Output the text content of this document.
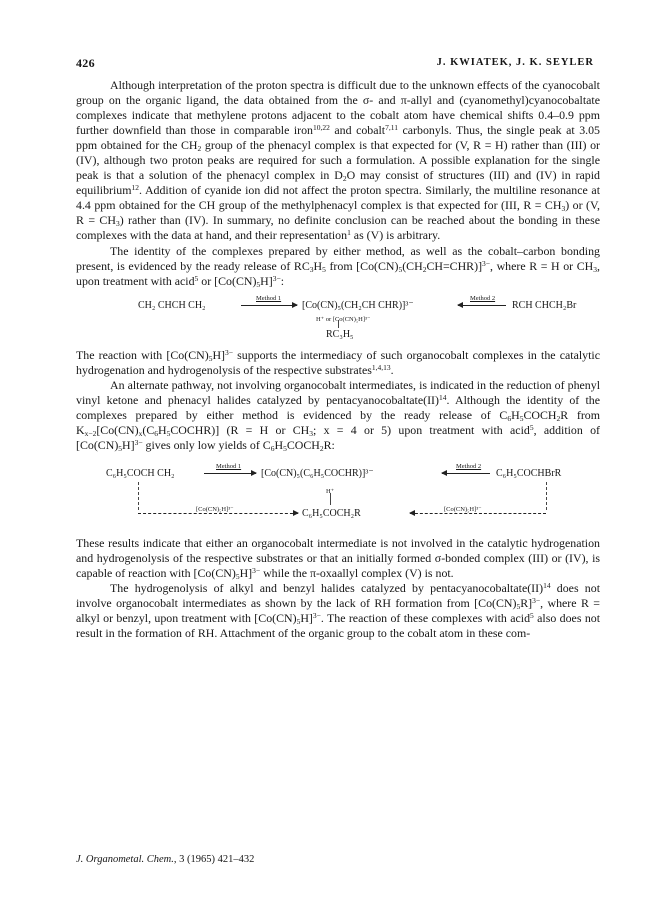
426	J. KWIATEK, J. K. SEYLER

Although interpretation of the proton spectra is difficult due to the unknown effects of the cyanocobalt group on the organic ligand, the data obtained from the σ- and π-allyl and (cyanomethyl)cyanocobaltate complexes indicate that methylene protons adjacent to the cobalt atom have chemical shifts 0.4–0.9 ppm further downfield than those in comparable iron$^{10,22}$ and cobalt$^{7,11}$ carbonyls. Thus, the single peak at 3.05 ppm obtained for the $CH_2$ group of the phenacyl complex is that expected for (V, R = H) rather than (III) or (IV), although two proton peaks are required for such a formulation. A possible explanation for the single peak is that a solution of the phenacyl complex in $D_2O$ may consist of structures (III) and (IV) in rapid equilibrium$^{12}$. Addition of cyanide ion did not affect the proton spectra. Similarly, the multiline resonance at 4.4 ppm obtained for the CH group of the methylphenacyl complex is that expected for (III, $R = CH_3$) or (V, $R = CH_3$) rather than (IV). In summary, no definite conclusion can be reached about the bonding in these complexes with the data at hand, and their representation$^1$ as (V) is arbitrary.

The identity of the complexes prepared by either method, as well as the cobalt–carbon bonding present, is evidenced by the ready release of $RC_3H_5$ from $[Co(CN)_5(CH_2CH=CHR)]^{3-}$, where R = H or $CH_3$, upon treatment with acid$^5$ or $[Co(CN)_5H]^{3-}$:

CH₂ CHCH CH₂
Method 1
[Co(CN)₅(CH₂CH CHR)]³⁻
Method 2
RCH CHCH₂Br
H⁺ or [Co(CN)₅H]³⁻
RC₃H₅

The reaction with $[Co(CN)_5H]^{3-}$ supports the intermediacy of such organocobalt complexes in the catalytic hydrogenation and hydrogenolysis of the respective substrates$^{1,4,13}$.

An alternate pathway, not involving organocobalt intermediates, is indicated in the reduction of phenyl vinyl ketone and phenacyl halides catalyzed by pentacyanocobaltate(II)$^{14}$. Although the identity of the complexes prepared by either method is evidenced by the ready release of $C_6H_5COCH_2R$ from $K_{x-2}[Co(CN)_x(C_6H_5COCHR)] (R = H$ or $CH_3$; x = 4 or 5) upon treatment with acid$^5$, addition of $[Co(CN)_5H]^{3-}$ gives only low yields of $C_6H_5COCH_2R$:

C₆H₅COCH CH₂
Method 1
[Co(CN)₅(C₆H₅COCHR)]³⁻
Method 2
C₆H₅COCHBrR
H⁺
[Co(CN)₅H]³⁻	C₆H₅COCH₂R	[Co(CN)₅H]³⁻

These results indicate that either an organocobalt intermediate is not involved in the catalytic hydrogenation and hydrogenolysis of the respective substrates or that an initially formed σ-bonded complex (III) or (IV), is capable of reaction with $[Co(CN)_5H]^{3-}$ while the π-oxaallyl complex (V) is not.

The hydrogenolysis of alkyl and benzyl halides catalyzed by pentacyanocobaltate(II)$^{14}$ does not involve organocobalt intermediates as shown by the lack of RH formation from $[Co(CN)_5R]^{3-}$, where R = alkyl or benzyl, upon treatment with $[Co(CN)_5H]^{3-}$. The reaction of these complexes with acid$^5$ also does not result in the formation of RH. Attachment of the organic group to the cobalt atom in these com-

J. Organometal. Chem., 3 (1965) 421–432
